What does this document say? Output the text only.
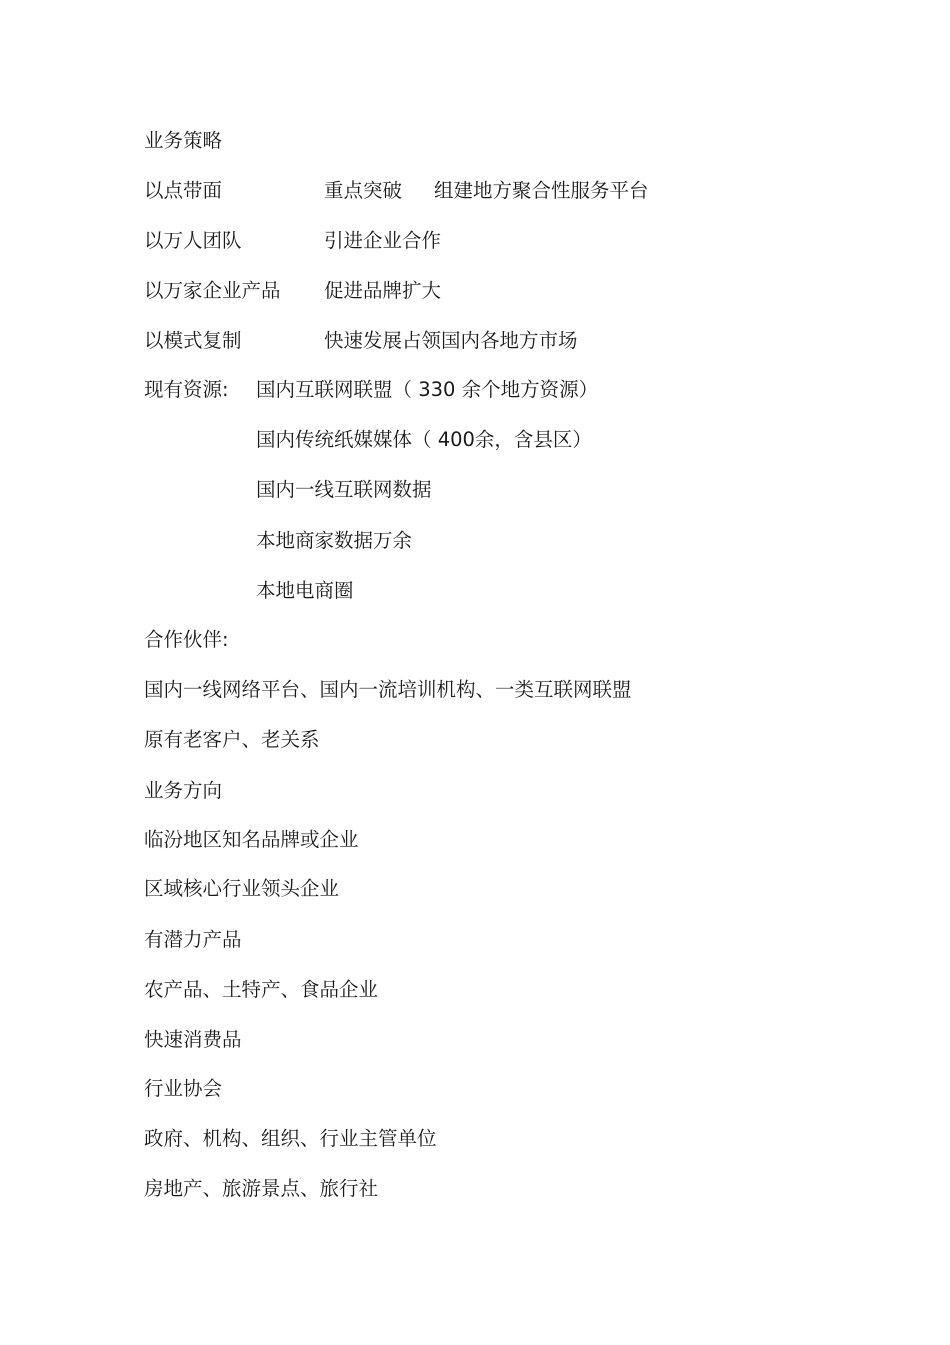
业务策略
以点带面	重点突破 组建地方聚合性服务平台
以万人团队	引进企业合作
以万家企业产品 促进品牌扩大
以模式复制	快速发展占领国内各地方市场
现有资源: 国内互联网联盟（ 330 余个地方资源）
国内传统纸媒媒体（ 400余，含县区）
国内一线互联网数据
本地商家数据万余
本地电商圈
合作伙伴:
国内一线网络平台、国内一流培训机构、一类互联网联盟
原有老客户、老关系
业务方向
临汾地区知名品牌或企业
区域核心行业领头企业
有潜力产品
农产品、土特产、食品企业
快速消费品
行业协会
政府、机构、组织、行业主管单位
房地产、旅游景点、旅行社
